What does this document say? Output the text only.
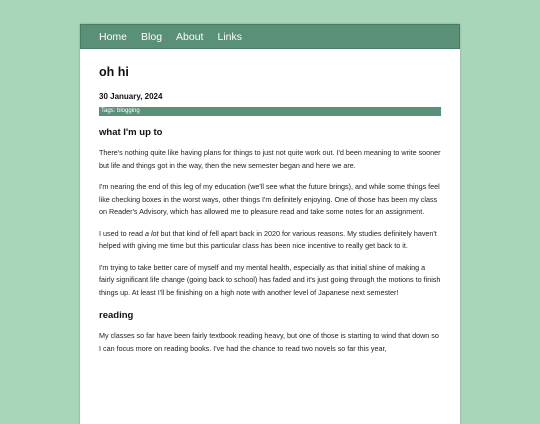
Home Blog About Links
oh hi
30 January, 2024
Tags: blogging
what I'm up to

There's nothing quite like having plans for things to just not quite work out. I'd been meaning to write sooner but life and things got in the way, then the new semester began and here we are.

I'm nearing the end of this leg of my education (we'll see what the future brings), and while some things feel like checking boxes in the worst ways, other things I'm definitely enjoying. One of those has been my class on Reader's Advisory, which has allowed me to pleasure read and take some notes for an assignment.

I used to read a lot but that kind of fell apart back in 2020 for various reasons. My studies definitely haven't helped with giving me time but this particular class has been nice incentive to really get back to it.

I'm trying to take better care of myself and my mental health, especially as that initial shine of making a fairly significant life change (going back to school) has faded and it's just going through the motions to finish things up. At least I'll be finishing on a high note with another level of Japanese next semester!

reading

My classes so far have been fairly textbook reading heavy, but one of those is starting to wind that down so I can focus more on reading books. I've had the chance to read two novels so far this year,
